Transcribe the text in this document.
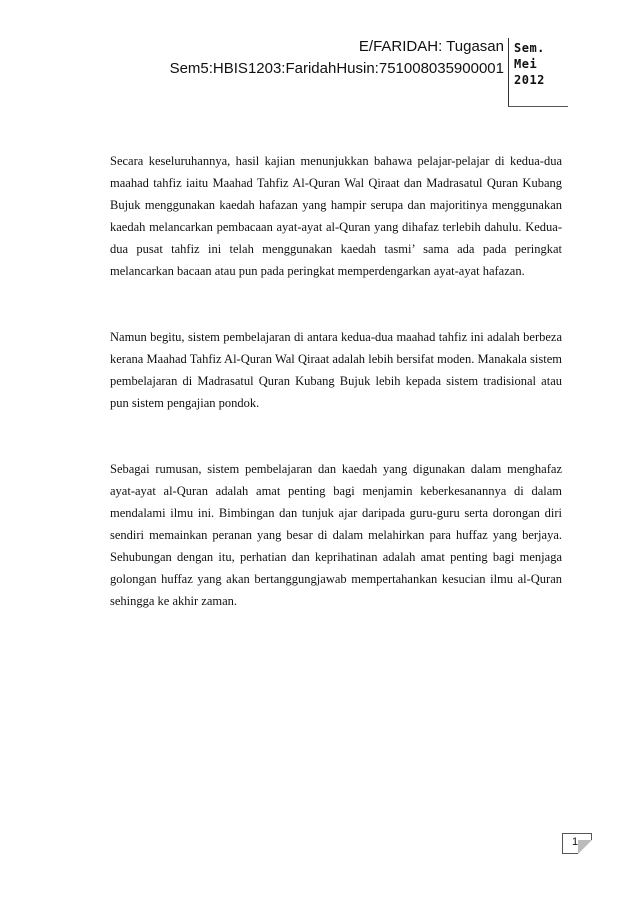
E/FARIDAH: Tugasan
Sem5:HBIS1203:FaridahHusin:751008035900001
Sem.
Mei
2012

Secara keseluruhannya, hasil kajian menunjukkan bahawa pelajar-pelajar di kedua-dua maahad tahfiz iaitu Maahad Tahfiz Al-Quran Wal Qiraat dan Madrasatul Quran Kubang Bujuk menggunakan kaedah hafazan yang hampir serupa dan majoritinya menggunakan kaedah melancarkan pembacaan ayat-ayat al-Quran yang dihafaz terlebih dahulu. Kedua-dua pusat tahfiz ini telah menggunakan kaedah tasmi’ sama ada pada peringkat melancarkan bacaan atau pun pada peringkat memperdengarkan ayat-ayat hafazan.

Namun begitu, sistem pembelajaran di antara kedua-dua maahad tahfiz ini adalah berbeza kerana Maahad Tahfiz Al-Quran Wal Qiraat adalah lebih bersifat moden. Manakala sistem pembelajaran di Madrasatul Quran Kubang Bujuk lebih kepada sistem tradisional atau pun sistem pengajian pondok.

Sebagai rumusan, sistem pembelajaran dan kaedah yang digunakan dalam menghafaz ayat-ayat al-Quran adalah amat penting bagi menjamin keberkesanannya di dalam mendalami ilmu ini. Bimbingan dan tunjuk ajar daripada guru-guru serta dorongan diri sendiri memainkan peranan yang besar di dalam melahirkan para huffaz yang berjaya. Sehubungan dengan itu, perhatian dan keprihatinan adalah amat penting bagi menjaga golongan huffaz yang akan bertanggungjawab mempertahankan kesucian ilmu al-Quran sehingga ke akhir zaman.

1
